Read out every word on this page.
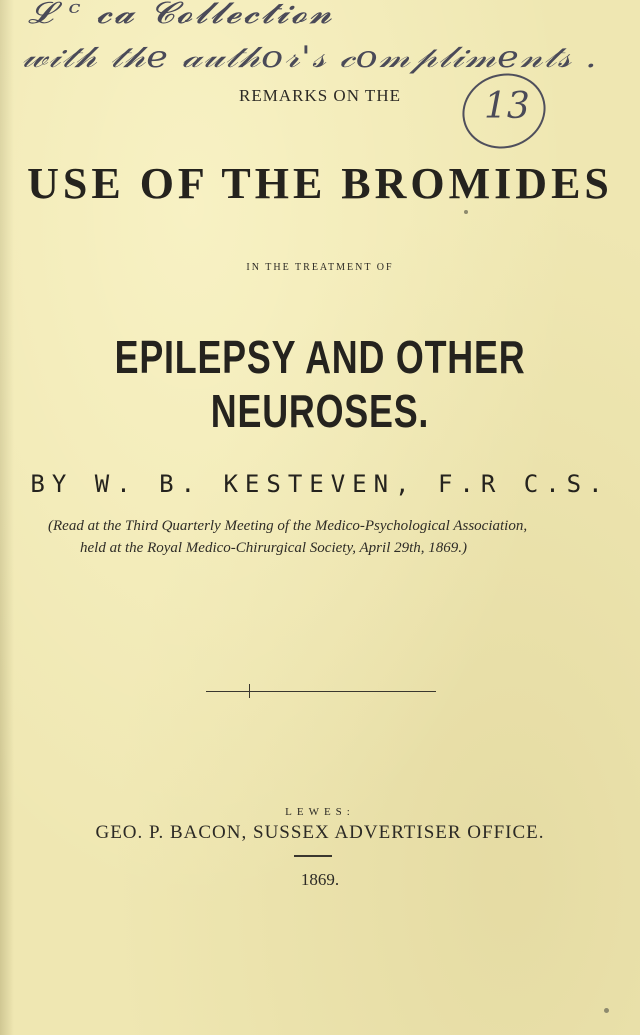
𝓛 ᶜ 𝓬𝓪 𝓒𝓸𝓵𝓵𝓮𝓬𝓽𝓲𝓸𝓷
𝓌𝒾𝓉𝒽 𝓉𝒽𝑒 𝒶𝓊𝓉𝒽𝑜𝓇'𝓈 𝒸𝑜𝓂𝓅𝓁𝒾𝓂𝑒𝓃𝓉𝓈 .
REMARKS ON THE	13
USE OF THE BROMIDES
IN THE TREATMENT OF
EPILEPSY AND OTHER NEUROSES.
BY W. B. KESTEVEN, F.R C.S.
(Read at the Third Quarterly Meeting of the Medico-Psychological Association,
held at the Royal Medico-Chirurgical Society, April 29th, 1869.)
LEWES:
GEO. P. BACON, SUSSEX ADVERTISER OFFICE.
1869.
